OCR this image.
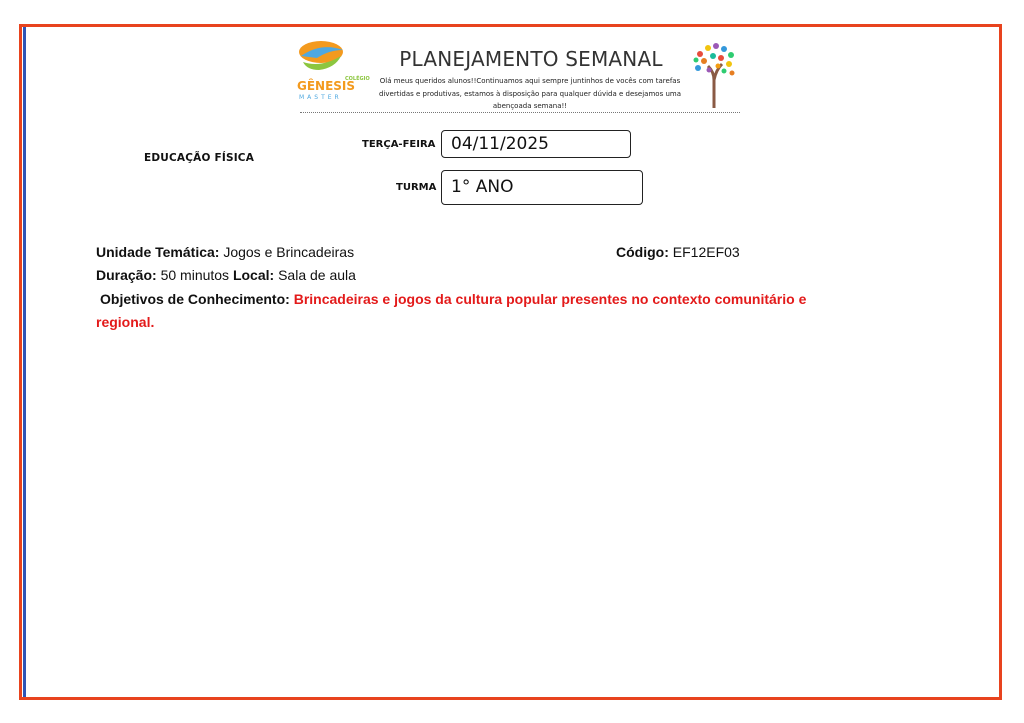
COLÉGIO
GÊNESIS
MASTER
PLANEJAMENTO SEMANAL
Olá meus queridos alunos!!Continuamos aqui sempre juntinhos de vocês com tarefas divertidas e produtivas, estamos à disposição para qualquer dúvida e desejamos uma abençoada semana!!
EDUCAÇÃO FÍSICA
TERÇA-FEIRA 04/11/2025
TURMA 1° ANO
Unidade Temática: Jogos e Brincadeiras	Código: EF12EF03
Duração: 50 minutos Local: Sala de aula
Objetivos de Conhecimento: Brincadeiras e jogos da cultura popular presentes no contexto comunitário e
regional.
